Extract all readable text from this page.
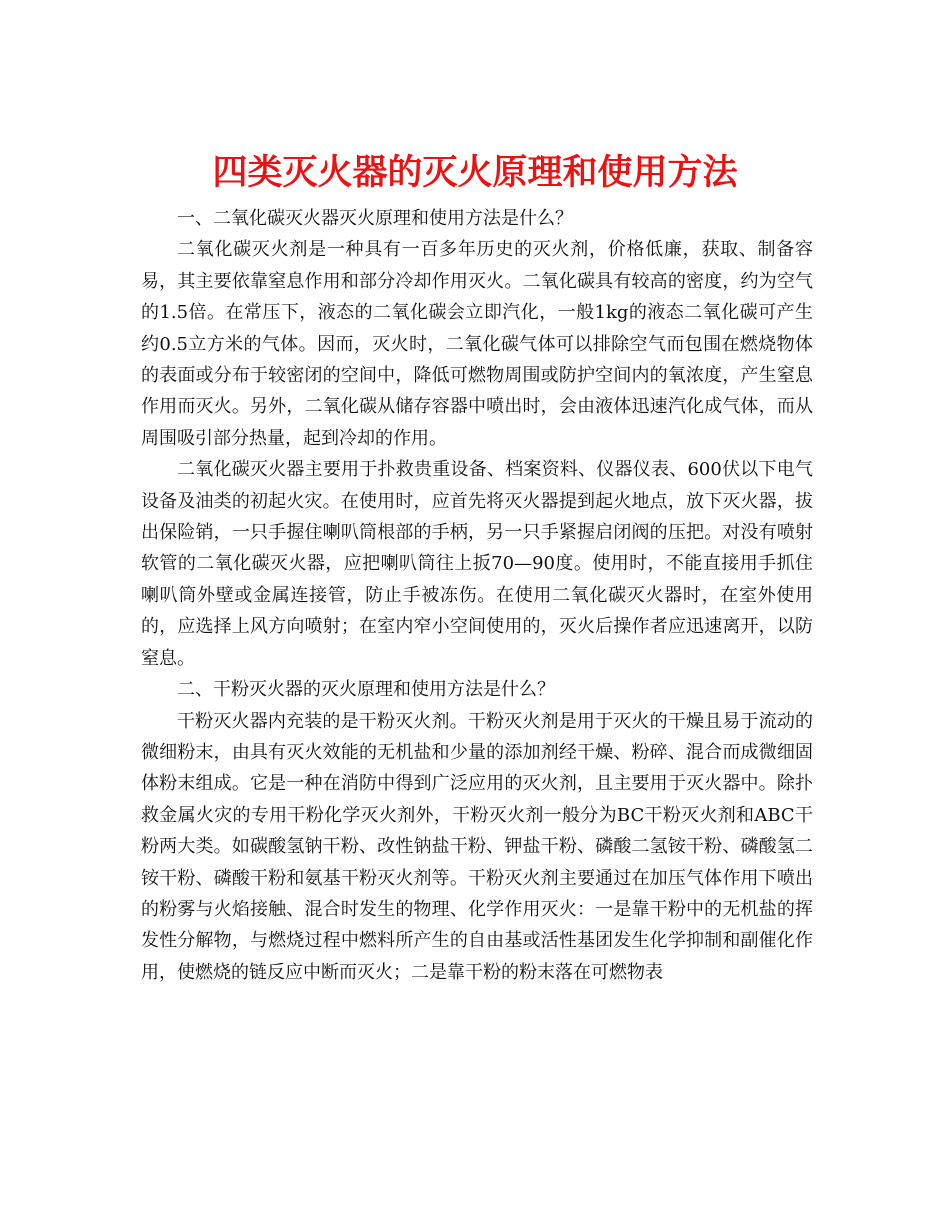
四类灭火器的灭火原理和使用方法

一、二氧化碳灭火器灭火原理和使用方法是什么？

二氧化碳灭火剂是一种具有一百多年历史的灭火剂，价格低廉，获取、制备容易，其主要依靠窒息作用和部分冷却作用灭火。二氧化碳具有较高的密度，约为空气的1.5倍。在常压下，液态的二氧化碳会立即汽化，一般1kg的液态二氧化碳可产生约0.5立方米的气体。因而，灭火时，二氧化碳气体可以排除空气而包围在燃烧物体的表面或分布于较密闭的空间中，降低可燃物周围或防护空间内的氧浓度，产生窒息作用而灭火。另外，二氧化碳从储存容器中喷出时，会由液体迅速汽化成气体，而从周围吸引部分热量，起到冷却的作用。

二氧化碳灭火器主要用于扑救贵重设备、档案资料、仪器仪表、600伏以下电气设备及油类的初起火灾。在使用时，应首先将灭火器提到起火地点，放下灭火器，拔出保险销，一只手握住喇叭筒根部的手柄，另一只手紧握启闭阀的压把。对没有喷射软管的二氧化碳灭火器，应把喇叭筒往上扳70—90度。使用时，不能直接用手抓住喇叭筒外壁或金属连接管，防止手被冻伤。在使用二氧化碳灭火器时，在室外使用的，应选择上风方向喷射；在室内窄小空间使用的，灭火后操作者应迅速离开，以防窒息。

二、干粉灭火器的灭火原理和使用方法是什么？

干粉灭火器内充装的是干粉灭火剂。干粉灭火剂是用于灭火的干燥且易于流动的微细粉末，由具有灭火效能的无机盐和少量的添加剂经干燥、粉碎、混合而成微细固体粉末组成。它是一种在消防中得到广泛应用的灭火剂，且主要用于灭火器中。除扑救金属火灾的专用干粉化学灭火剂外，干粉灭火剂一般分为BC干粉灭火剂和ABC干粉两大类。如碳酸氢钠干粉、改性钠盐干粉、钾盐干粉、磷酸二氢铵干粉、磷酸氢二铵干粉、磷酸干粉和氨基干粉灭火剂等。干粉灭火剂主要通过在加压气体作用下喷出的粉雾与火焰接触、混合时发生的物理、化学作用灭火：一是靠干粉中的无机盐的挥发性分解物，与燃烧过程中燃料所产生的自由基或活性基团发生化学抑制和副催化作用，使燃烧的链反应中断而灭火；二是靠干粉的粉末落在可燃物表
